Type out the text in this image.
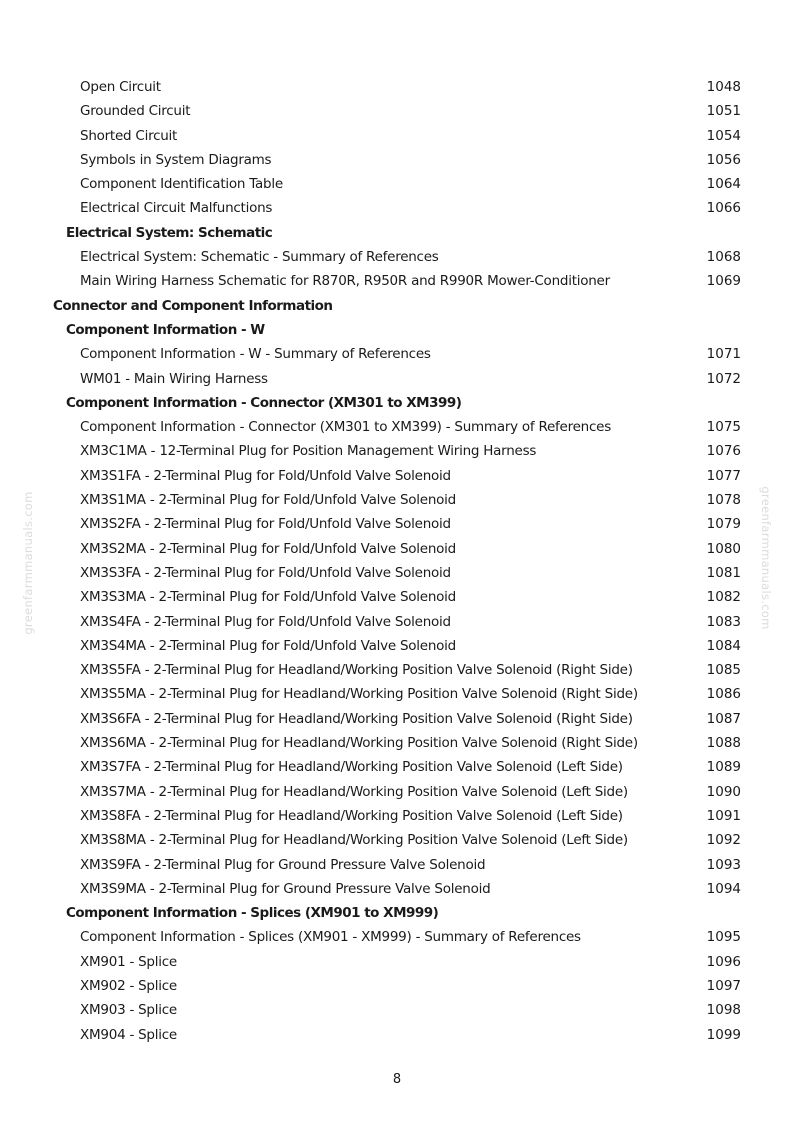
Open Circuit	1048
Grounded Circuit	1051
Shorted Circuit	1054
Symbols in System Diagrams	1056
Component Identification Table	1064
Electrical Circuit Malfunctions	1066
Electrical System: Schematic
Electrical System: Schematic - Summary of References	1068
Main Wiring Harness Schematic for R870R, R950R and R990R Mower-Conditioner	1069
Connector and Component Information
Component Information - W
Component Information - W - Summary of References	1071
WM01 - Main Wiring Harness	1072
Component Information - Connector (XM301 to XM399)
Component Information - Connector (XM301 to XM399) - Summary of References	1075
XM3C1MA - 12-Terminal Plug for Position Management Wiring Harness	1076
XM3S1FA - 2-Terminal Plug for Fold/Unfold Valve Solenoid	1077
XM3S1MA - 2-Terminal Plug for Fold/Unfold Valve Solenoid	1078
XM3S2FA - 2-Terminal Plug for Fold/Unfold Valve Solenoid	1079
XM3S2MA - 2-Terminal Plug for Fold/Unfold Valve Solenoid	1080
XM3S3FA - 2-Terminal Plug for Fold/Unfold Valve Solenoid	1081
XM3S3MA - 2-Terminal Plug for Fold/Unfold Valve Solenoid	1082
XM3S4FA - 2-Terminal Plug for Fold/Unfold Valve Solenoid	1083
XM3S4MA - 2-Terminal Plug for Fold/Unfold Valve Solenoid	1084
XM3S5FA - 2-Terminal Plug for Headland/Working Position Valve Solenoid (Right Side)	1085
XM3S5MA - 2-Terminal Plug for Headland/Working Position Valve Solenoid (Right Side)	1086
XM3S6FA - 2-Terminal Plug for Headland/Working Position Valve Solenoid (Right Side)	1087
XM3S6MA - 2-Terminal Plug for Headland/Working Position Valve Solenoid (Right Side)	1088
XM3S7FA - 2-Terminal Plug for Headland/Working Position Valve Solenoid (Left Side)	1089
XM3S7MA - 2-Terminal Plug for Headland/Working Position Valve Solenoid (Left Side)	1090
XM3S8FA - 2-Terminal Plug for Headland/Working Position Valve Solenoid (Left Side)	1091
XM3S8MA - 2-Terminal Plug for Headland/Working Position Valve Solenoid (Left Side)	1092
XM3S9FA - 2-Terminal Plug for Ground Pressure Valve Solenoid	1093
XM3S9MA - 2-Terminal Plug for Ground Pressure Valve Solenoid	1094
Component Information - Splices (XM901 to XM999)
Component Information - Splices (XM901 - XM999) - Summary of References	1095
XM901 - Splice	1096
XM902 - Splice	1097
XM903 - Splice	1098
XM904 - Splice	1099
8
greenfarmmanuals.com	greenfarmmanuals.com
